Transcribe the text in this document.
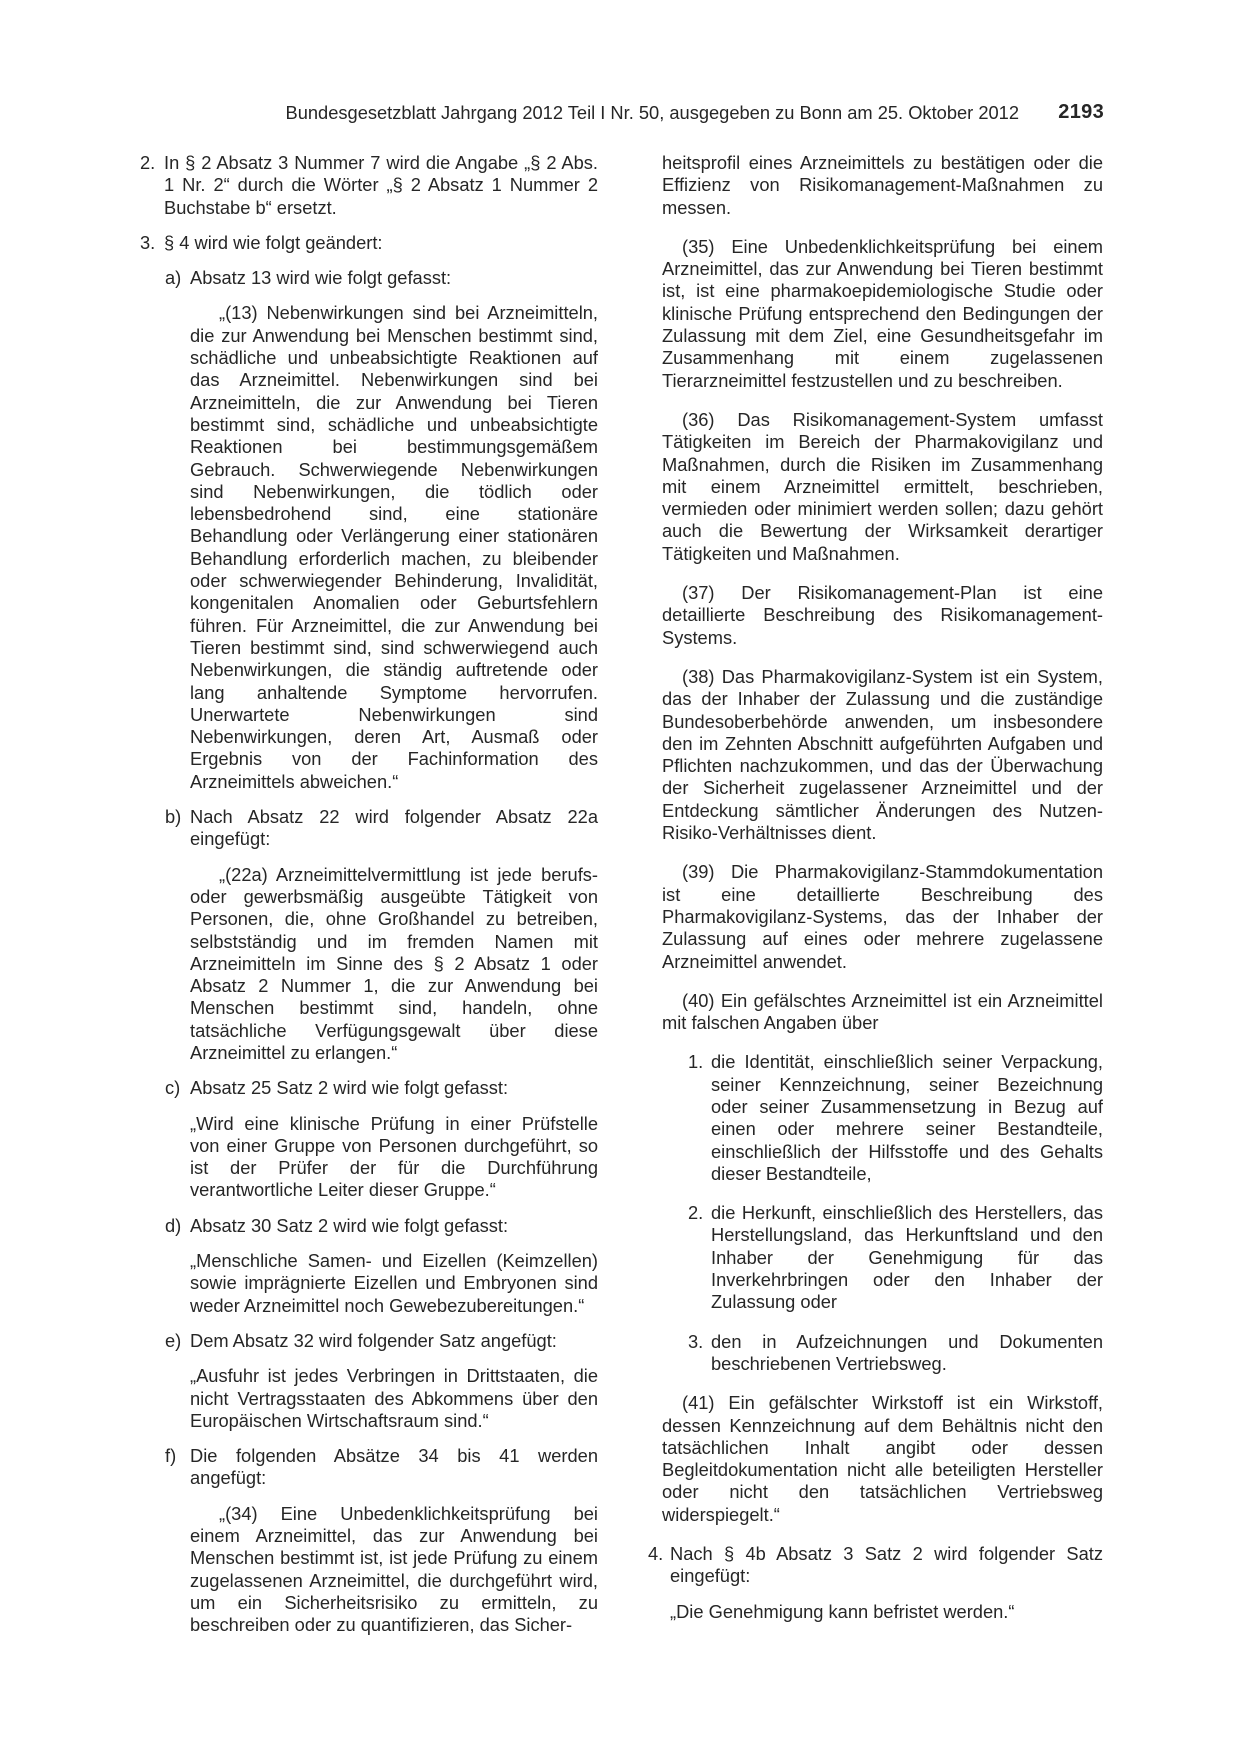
Bundesgesetzblatt Jahrgang 2012 Teil I Nr. 50, ausgegeben zu Bonn am 25. Oktober 2012 2193
2. In § 2 Absatz 3 Nummer 7 wird die Angabe „§ 2 Abs. 1 Nr. 2“ durch die Wörter „§ 2 Absatz 1 Nummer 2 Buchstabe b“ ersetzt.

3. § 4 wird wie folgt geändert:

a) Absatz 13 wird wie folgt gefasst:

„(13) Nebenwirkungen sind bei Arzneimitteln, die zur Anwendung bei Menschen bestimmt sind, schädliche und unbeabsichtigte Reaktionen auf das Arzneimittel. Nebenwirkungen sind bei Arzneimitteln, die zur Anwendung bei Tieren bestimmt sind, schädliche und unbeabsichtigte Reaktionen bei bestimmungsgemäßem Gebrauch. Schwerwiegende Nebenwirkungen sind Nebenwirkungen, die tödlich oder lebensbedrohend sind, eine stationäre Behandlung oder Verlängerung einer stationären Behandlung erforderlich machen, zu bleibender oder schwerwiegender Behinderung, Invalidität, kongenitalen Anomalien oder Geburtsfehlern führen. Für Arzneimittel, die zur Anwendung bei Tieren bestimmt sind, sind schwerwiegend auch Nebenwirkungen, die ständig auftretende oder lang anhaltende Symptome hervorrufen. Unerwartete Nebenwirkungen sind Nebenwirkungen, deren Art, Ausmaß oder Ergebnis von der Fachinformation des Arzneimittels abweichen.“

b) Nach Absatz 22 wird folgender Absatz 22a eingefügt:

„(22a) Arzneimittelvermittlung ist jede berufs- oder gewerbsmäßig ausgeübte Tätigkeit von Personen, die, ohne Großhandel zu betreiben, selbstständig und im fremden Namen mit Arzneimitteln im Sinne des § 2 Absatz 1 oder Absatz 2 Nummer 1, die zur Anwendung bei Menschen bestimmt sind, handeln, ohne tatsächliche Verfügungsgewalt über diese Arzneimittel zu erlangen.“

c) Absatz 25 Satz 2 wird wie folgt gefasst:

„Wird eine klinische Prüfung in einer Prüfstelle von einer Gruppe von Personen durchgeführt, so ist der Prüfer der für die Durchführung verantwortliche Leiter dieser Gruppe.“

d) Absatz 30 Satz 2 wird wie folgt gefasst:

„Menschliche Samen- und Eizellen (Keimzellen) sowie imprägnierte Eizellen und Embryonen sind weder Arzneimittel noch Gewebezubereitungen.“

e) Dem Absatz 32 wird folgender Satz angefügt:

„Ausfuhr ist jedes Verbringen in Drittstaaten, die nicht Vertragsstaaten des Abkommens über den Europäischen Wirtschaftsraum sind.“

f) Die folgenden Absätze 34 bis 41 werden angefügt:

„(34) Eine Unbedenklichkeitsprüfung bei einem Arzneimittel, das zur Anwendung bei Menschen bestimmt ist, ist jede Prüfung zu einem zugelassenen Arzneimittel, die durchgeführt wird, um ein Sicherheitsrisiko zu ermitteln, zu beschreiben oder zu quantifizieren, das Sicher-

heitsprofil eines Arzneimittels zu bestätigen oder die Effizienz von Risikomanagement-Maßnahmen zu messen.

(35) Eine Unbedenklichkeitsprüfung bei einem Arzneimittel, das zur Anwendung bei Tieren bestimmt ist, ist eine pharmakoepidemiologische Studie oder klinische Prüfung entsprechend den Bedingungen der Zulassung mit dem Ziel, eine Gesundheitsgefahr im Zusammenhang mit einem zugelassenen Tierarzneimittel festzustellen und zu beschreiben.

(36) Das Risikomanagement-System umfasst Tätigkeiten im Bereich der Pharmakovigilanz und Maßnahmen, durch die Risiken im Zusammenhang mit einem Arzneimittel ermittelt, beschrieben, vermieden oder minimiert werden sollen; dazu gehört auch die Bewertung der Wirksamkeit derartiger Tätigkeiten und Maßnahmen.

(37) Der Risikomanagement-Plan ist eine detaillierte Beschreibung des Risikomanagement-Systems.

(38) Das Pharmakovigilanz-System ist ein System, das der Inhaber der Zulassung und die zuständige Bundesoberbehörde anwenden, um insbesondere den im Zehnten Abschnitt aufgeführten Aufgaben und Pflichten nachzukommen, und das der Überwachung der Sicherheit zugelassener Arzneimittel und der Entdeckung sämtlicher Änderungen des Nutzen-Risiko-Verhältnisses dient.

(39) Die Pharmakovigilanz-Stammdokumentation ist eine detaillierte Beschreibung des Pharmakovigilanz-Systems, das der Inhaber der Zulassung auf eines oder mehrere zugelassene Arzneimittel anwendet.

(40) Ein gefälschtes Arzneimittel ist ein Arzneimittel mit falschen Angaben über

1. die Identität, einschließlich seiner Verpackung, seiner Kennzeichnung, seiner Bezeichnung oder seiner Zusammensetzung in Bezug auf einen oder mehrere seiner Bestandteile, einschließlich der Hilfsstoffe und des Gehalts dieser Bestandteile,

2. die Herkunft, einschließlich des Herstellers, das Herstellungsland, das Herkunftsland und den Inhaber der Genehmigung für das Inverkehrbringen oder den Inhaber der Zulassung oder

3. den in Aufzeichnungen und Dokumenten beschriebenen Vertriebsweg.

(41) Ein gefälschter Wirkstoff ist ein Wirkstoff, dessen Kennzeichnung auf dem Behältnis nicht den tatsächlichen Inhalt angibt oder dessen Begleitdokumentation nicht alle beteiligten Hersteller oder nicht den tatsächlichen Vertriebsweg widerspiegelt.“

4. Nach § 4b Absatz 3 Satz 2 wird folgender Satz eingefügt:

„Die Genehmigung kann befristet werden.“
